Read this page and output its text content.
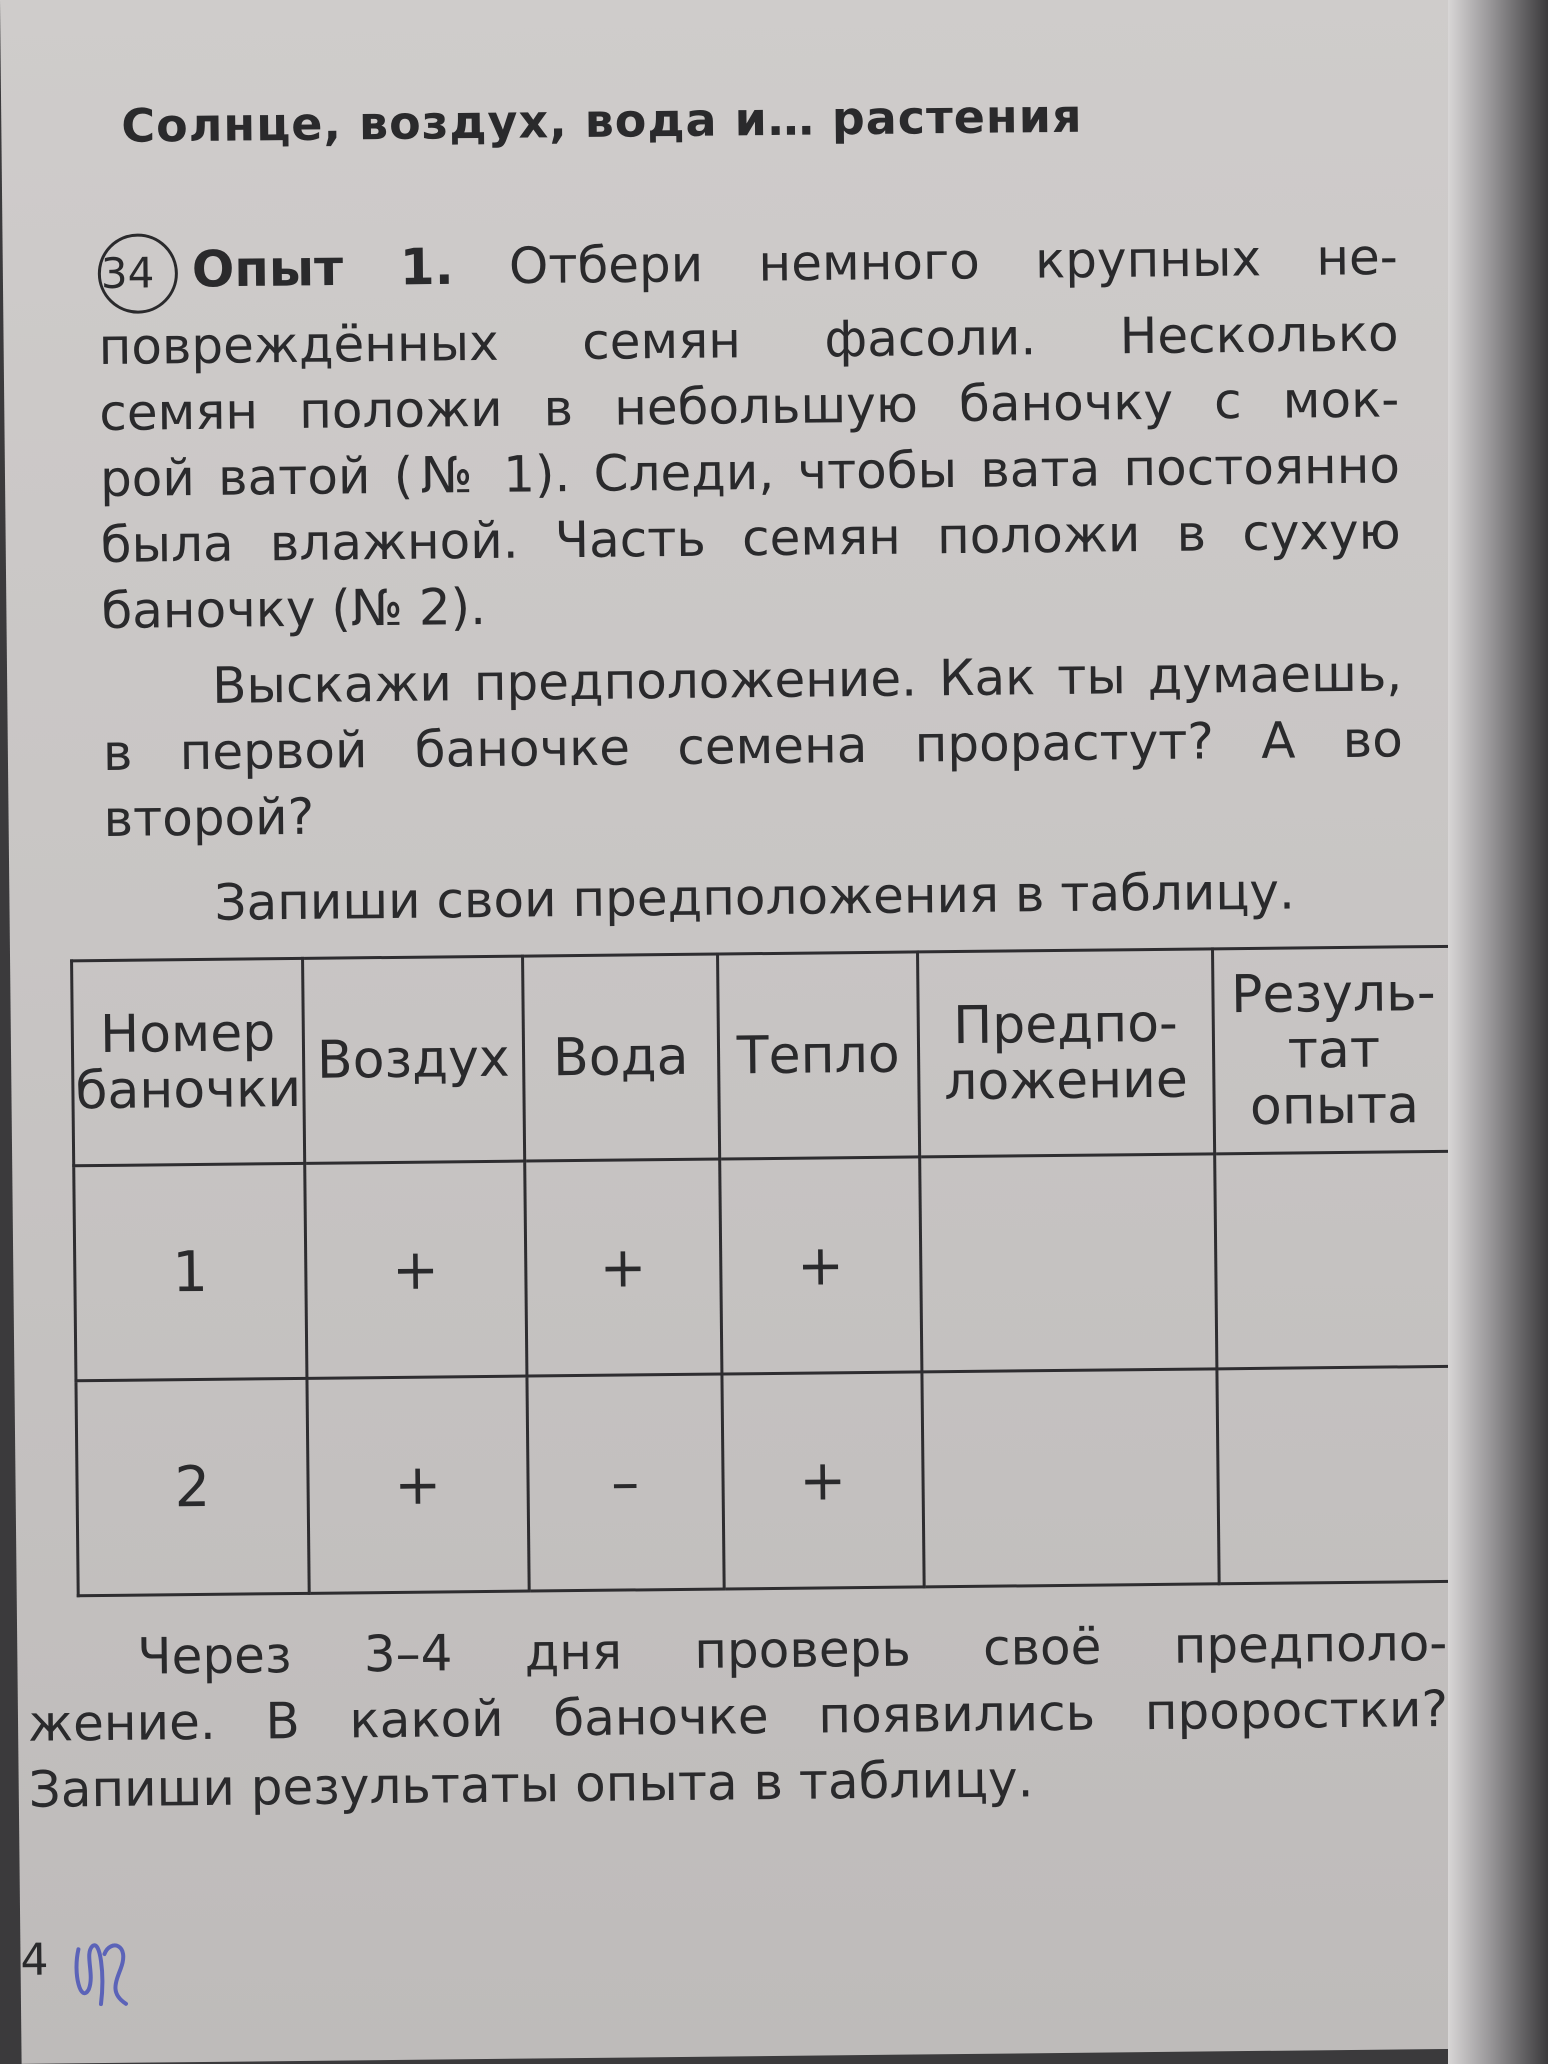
Солнце, воздух, вода и… растения
34 Опыт 1. Отбери немного крупных не-
повреждённых семян фасоли. Несколько
семян положи в небольшую баночку с мок-
рой ватой (№ 1). Следи, чтобы вата постоянно
была влажной. Часть семян положи в сухую
баночку (№ 2).
Выскажи предположение. Как ты думаешь,
в первой баночке семена прорастут? А во
второй?
Запиши свои предположения в таблицу.
Номер баночки	Воздух	Вода	Тепло	Предпо-ложение	Резуль-тат опыта
1	+	+	+		
2	+	–	+		
Через 3–4 дня проверь своё предполо-
жение. В какой баночке появились проростки?
Запиши результаты опыта в таблицу.
4
